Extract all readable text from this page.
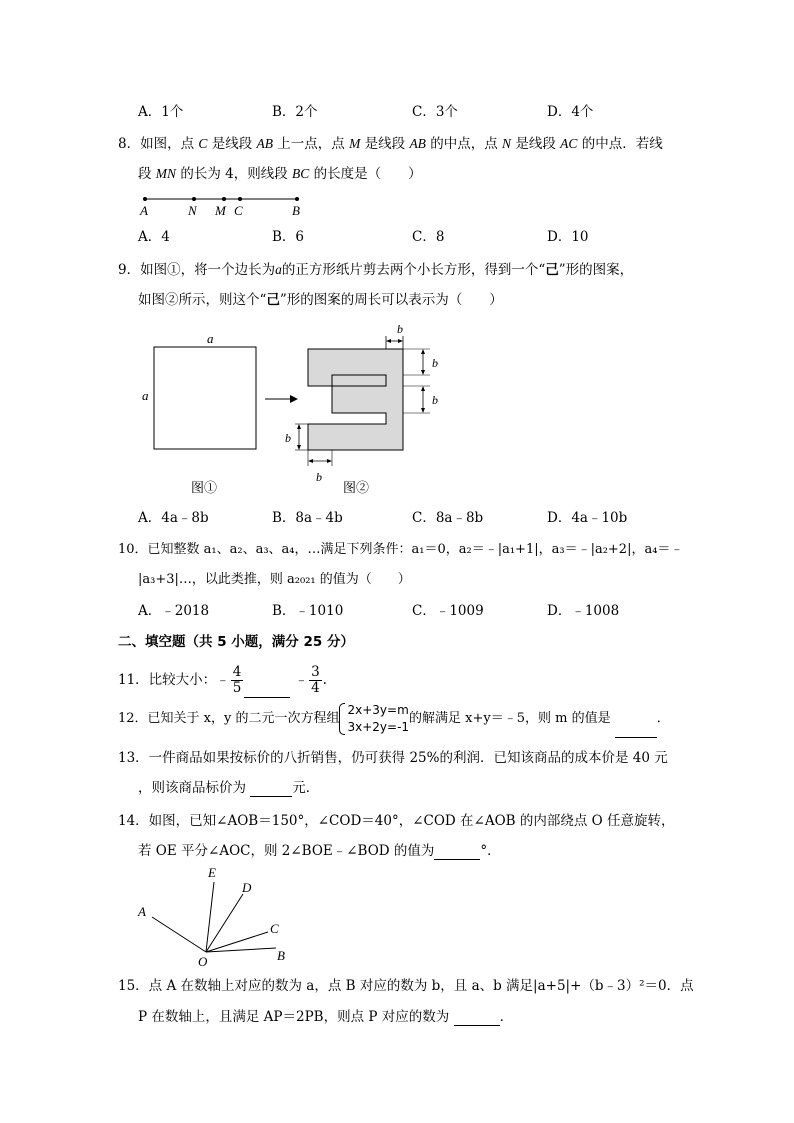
A．1个	B．2个	C．3个	D．4个
8．如图，点 C 是线段 AB 上一点，点 M 是线段 AB 的中点，点 N 是线段 AC 的中点．若线
段 MN 的长为 4，则线段 BC 的长度是（　　）
A	N M C	B
A．4	B．6	C．8	D．10
9．如图①，将一个边长为a的正方形纸片剪去两个小长方形，得到一个“己”形的图案，
如图②所示，则这个“己”形的图案的周长可以表示为（　　）
a
a
b
b
b
b
b
图①	图②
A．4a﹣8b	B．8a﹣4b	C．8a﹣8b	D．4a﹣10b
10．已知整数 a₁、a₂、a₃、a₄，…满足下列条件：a₁＝0，a₂＝﹣|a₁+1|，a₃＝﹣|a₂+2|，a₄＝﹣
|a₃+3|…，以此类推，则 a₂₀₂₁ 的值为（　　）
A．﹣2018	B．﹣1010	C．﹣1009	D．﹣1008
二、填空题（共 5 小题，满分 25 分）
11．比较大小：﹣ $\frac{4}{5}$	﹣ $\frac{3}{4}$ .
12．已知关于 x，y 的二元一次方程组
2x+3y=m
3x+2y=-1
的解满足 x+y＝﹣5，则 m 的值是	．
13．一件商品如果按标价的八折销售，仍可获得 25%的利润．已知该商品的成本价是 40 元
，则该商品标价为	元．
14．如图，已知∠AOB＝150°，∠COD＝40°，∠COD 在∠AOB 的内部绕点 O 任意旋转，
若 OE 平分∠AOC，则 2∠BOE﹣∠BOD 的值为	°．
E
D
A
C
O	B
15．点 A 在数轴上对应的数为 a，点 B 对应的数为 b，且 a、b 满足|a+5|+（b﹣3）²＝0．点
P 在数轴上，且满足 AP＝2PB，则点 P 对应的数为	．
